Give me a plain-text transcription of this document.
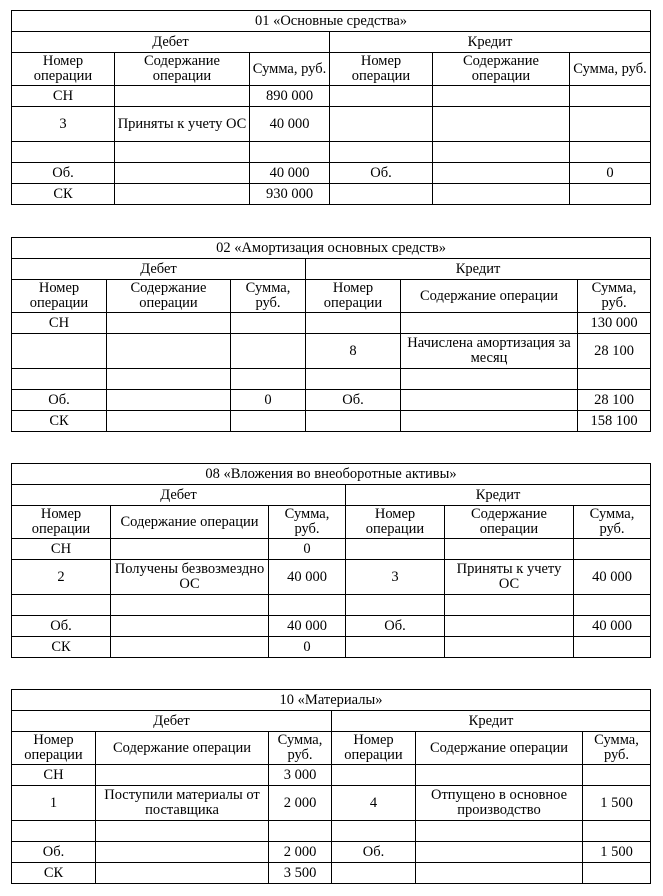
01 «Основные средства»					
Дебет			Кредит		
Номер операции	Содержание операции	Сумма, руб.	Номер операции	Содержание операции	Сумма, руб.
СН		890 000			
3	Приняты к учету ОС	40 000			

Об.		40 000	Об.		0
СК		930 000			
02 «Амортизация основных средств»					
Дебет			Кредит		
Номер операции	Содержание операции	Сумма, руб.	Номер операции	Содержание операции	Сумма, руб.
СН					130 000
			8	Начислена амортизация за месяц	28 100

Об.		0	Об.		28 100
СК					158 100
08 «Вложения во внеоборотные активы»					
Дебет			Кредит		
Номер операции	Содержание операции	Сумма, руб.	Номер операции	Содержание операции	Сумма, руб.
СН		0			
2	Получены безвозмездно ОС	40 000	3	Приняты к учету ОС	40 000

Об.		40 000	Об.		40 000
СК		0			
10 «Материалы»					
Дебет			Кредит		
Номер операции	Содержание операции	Сумма, руб.	Номер операции	Содержание операции	Сумма, руб.
СН		3 000			
1	Поступили материалы от поставщика	2 000	4	Отпущено в основное производство	1 500

Об.		2 000	Об.		1 500
СК		3 500			
